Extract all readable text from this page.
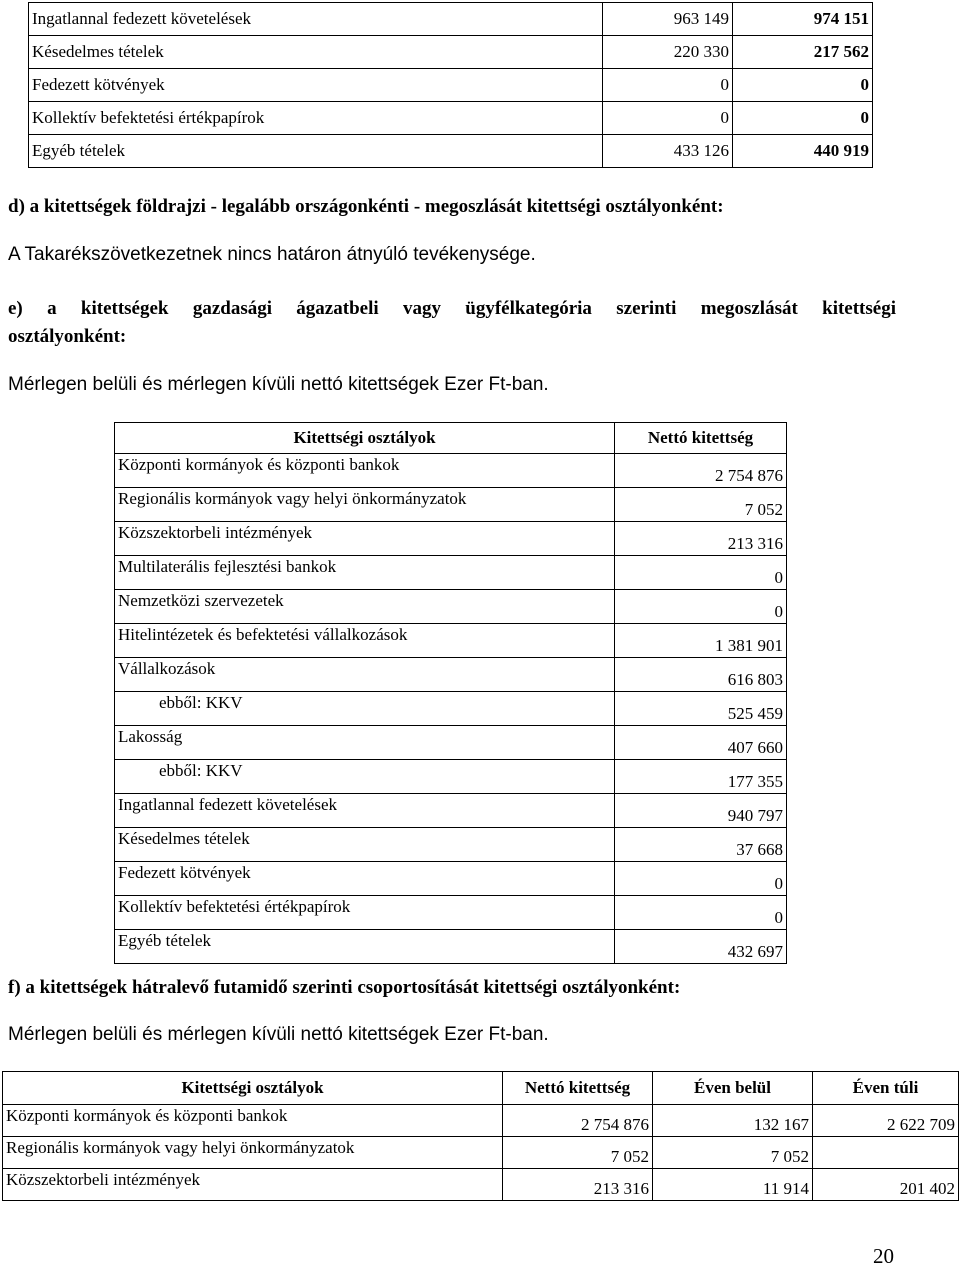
Ingatlannal fedezett követelések	963 149	974 151
Késedelmes tételek	220 330	217 562
Fedezett kötvények	0	0
Kollektív befektetési értékpapírok	0	0
Egyéb tételek	433 126	440 919
d) a kitettségek földrajzi - legalább országonkénti - megoszlását kitettségi osztályonként:
A Takarékszövetkezetnek nincs határon átnyúló tevékenysége.
e) a kitettségek gazdasági ágazatbeli vagy ügyfélkategória szerinti megoszlását kitettségi
osztályonként:
Mérlegen belüli és mérlegen kívüli nettó kitettségek Ezer Ft-ban.
Kitettségi osztályok	Nettó kitettség
Központi kormányok és központi bankok	2 754 876
Regionális kormányok vagy helyi önkormányzatok	7 052
Közszektorbeli intézmények	213 316
Multilaterális fejlesztési bankok	0
Nemzetközi szervezetek	0
Hitelintézetek és befektetési vállalkozások	1 381 901
Vállalkozások	616 803
ebből: KKV	525 459
Lakosság	407 660
ebből: KKV	177 355
Ingatlannal fedezett követelések	940 797
Késedelmes tételek	37 668
Fedezett kötvények	0
Kollektív befektetési értékpapírok	0
Egyéb tételek	432 697
f) a kitettségek hátralevő futamidő szerinti csoportosítását kitettségi osztályonként:
Mérlegen belüli és mérlegen kívüli nettó kitettségek Ezer Ft-ban.
Kitettségi osztályok	Nettó kitettség	Éven belül	Éven túli
Központi kormányok és központi bankok	2 754 876	132 167	2 622 709
Regionális kormányok vagy helyi önkormányzatok	7 052	7 052	
Közszektorbeli intézmények	213 316	11 914	201 402
20
